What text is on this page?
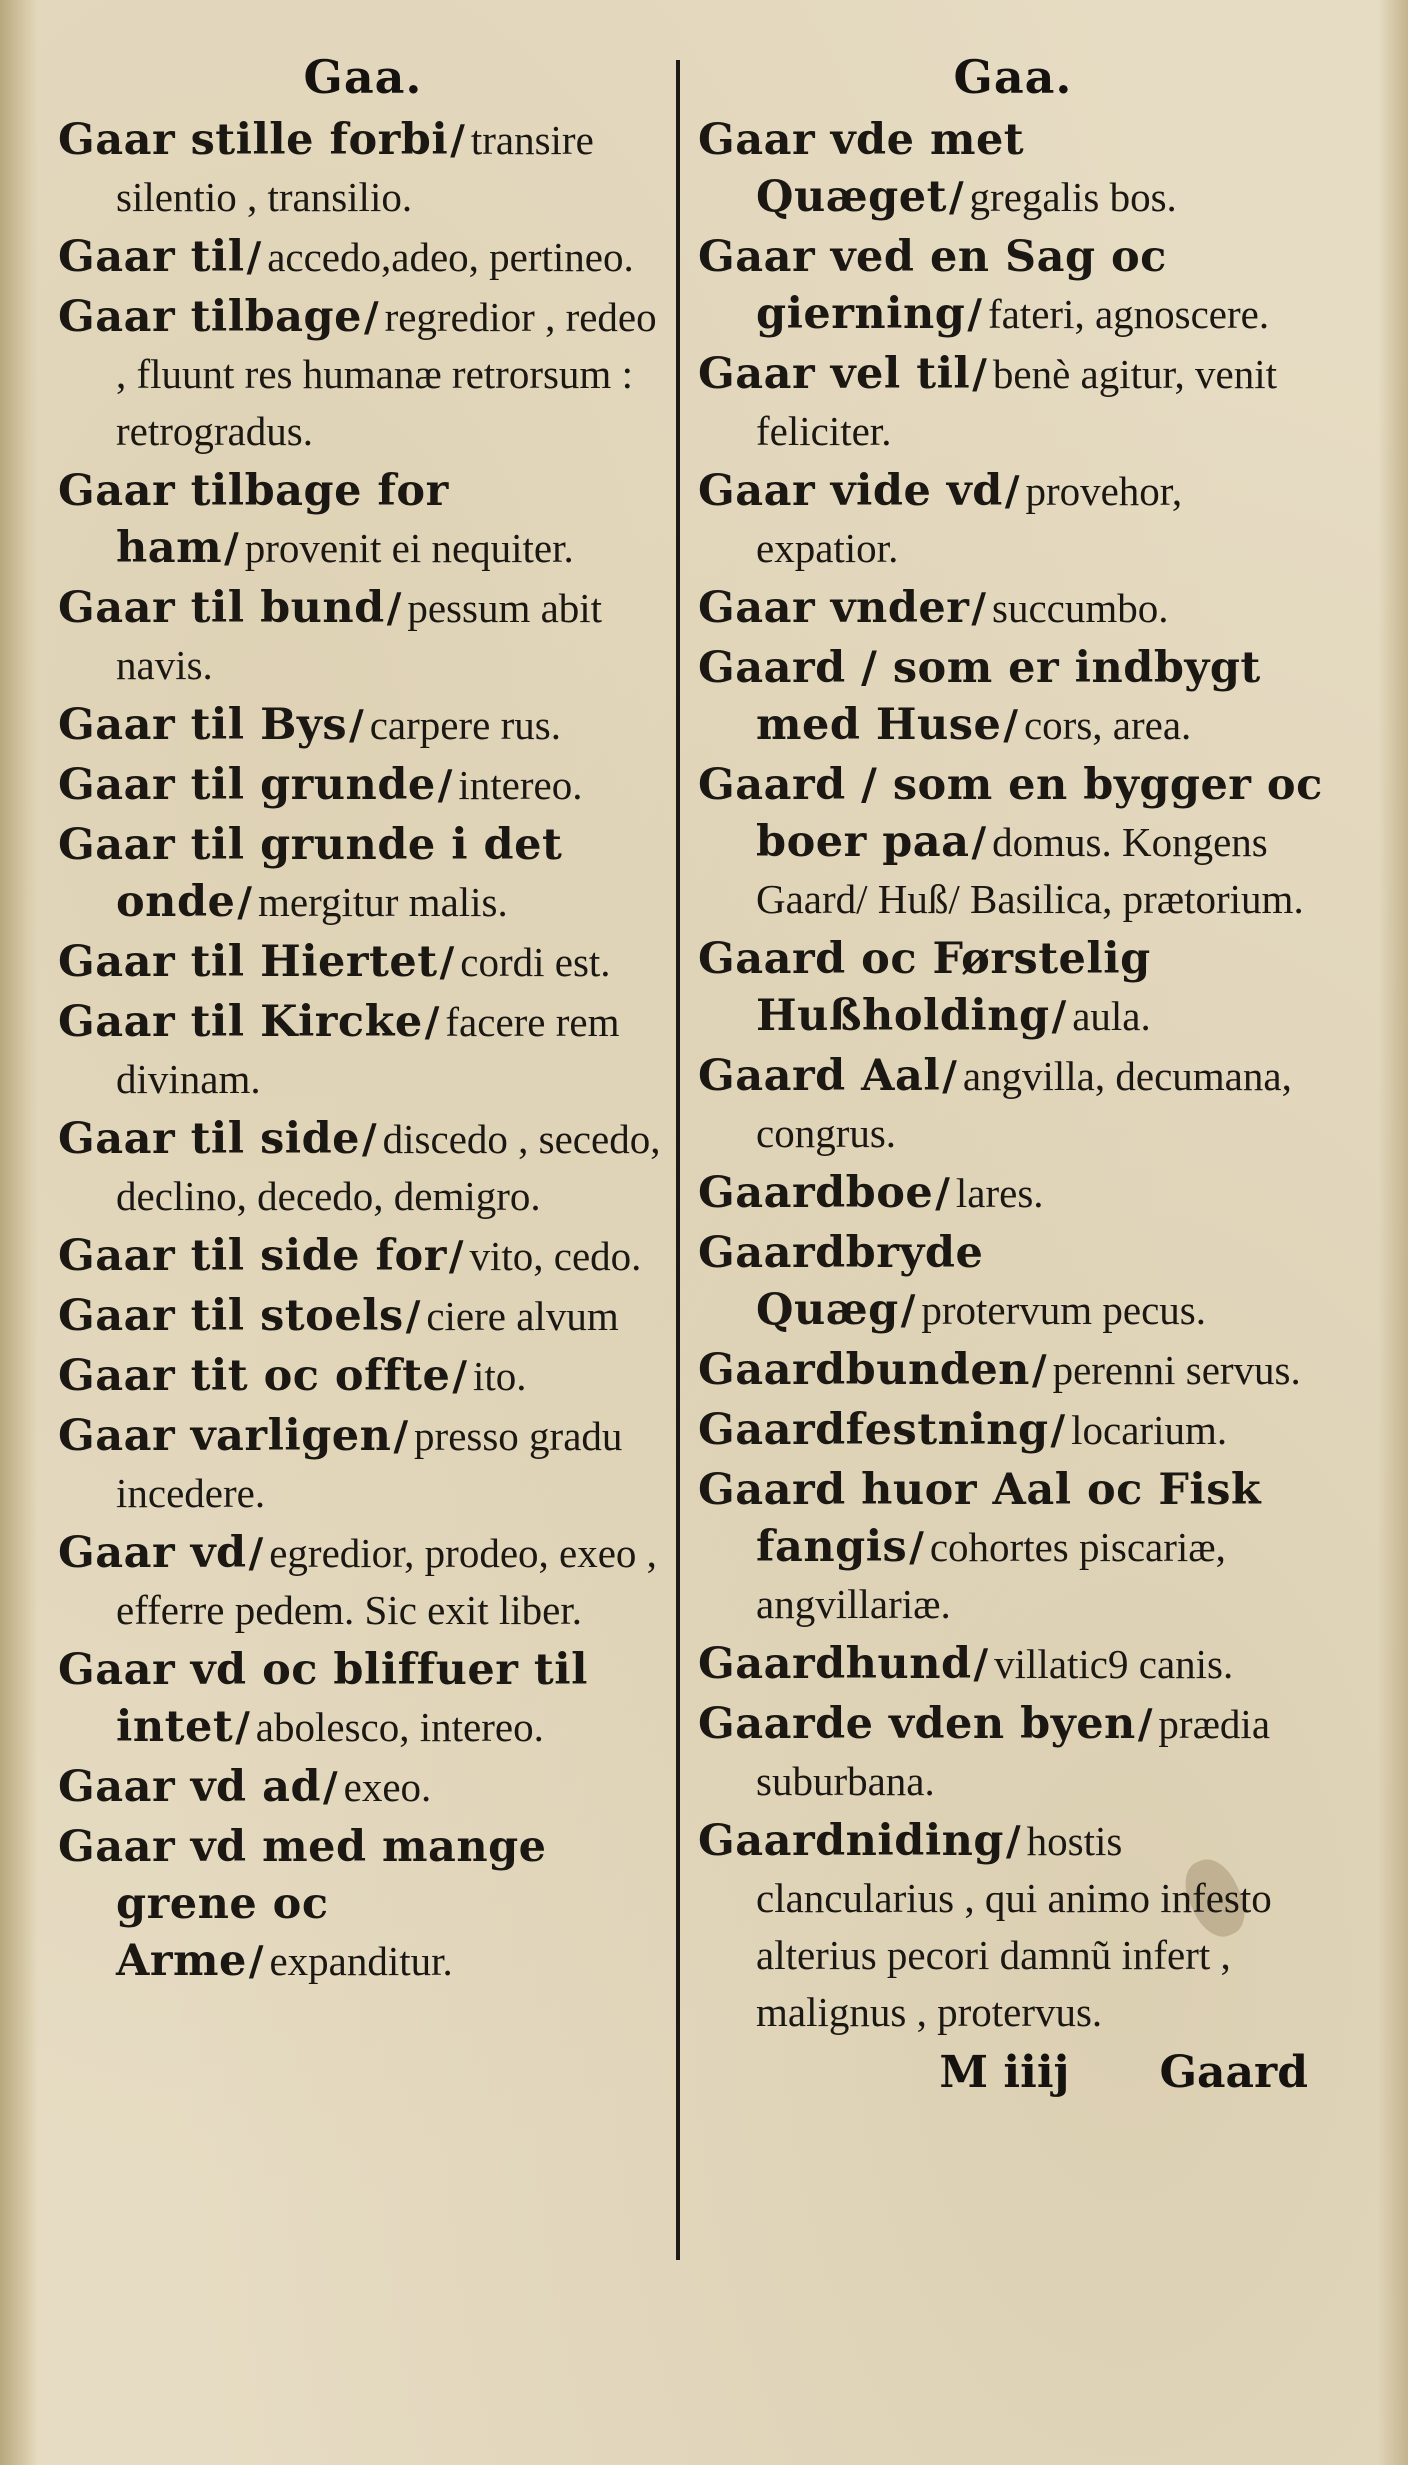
Gaa.

Gaar stille forbi/ transire silentio , transilio.

Gaar til/ accedo,adeo, pertineo.

Gaar tilbage/ regredior , redeo , fluunt res humanæ retrorsum : retrogradus.

Gaar tilbage for ham/ provenit ei nequiter.

Gaar til bund/ pessum abit navis.

Gaar til Bys/ carpere rus.

Gaar til grunde/ intereo.

Gaar til grunde i det onde/ mergitur malis.

Gaar til Hiertet/ cordi est.

Gaar til Kircke/ facere rem divinam.

Gaar til side/ discedo , secedo, declino, decedo, demigro.

Gaar til side for/ vito, cedo.

Gaar til stoels/ ciere alvum

Gaar tit oc offte/ ito.

Gaar varligen/ presso gradu incedere.

Gaar vd/ egredior, prodeo, exeo , efferre pedem. Sic exit liber.

Gaar vd oc bliffuer til intet/ abolesco, intereo.

Gaar vd ad/ exeo.

Gaar vd med mange grene oc Arme/ expanditur.

Gaa.

Gaar vde met Quæget/ gregalis bos.

Gaar ved en Sag oc gierning/ fateri, agnoscere.

Gaar vel til/ benè agitur, venit feliciter.

Gaar vide vd/ provehor, expatior.

Gaar vnder/ succumbo.

Gaard / som er indbygt med Huse/ cors, area.

Gaard / som en bygger oc boer paa/ domus. Kongens Gaard/ Huß/ Basilica, prætorium.

Gaard oc Førstelig Hußholding/ aula.

Gaard Aal/ angvilla, decumana, congrus.

Gaardboe/ lares.

Gaardbryde Quæg/ protervum pecus.

Gaardbunden/ perenni servus.

Gaardfestning/ locarium.

Gaard huor Aal oc Fisk fangis/ cohortes piscariæ, angvillariæ.

Gaardhund/ villatic9 canis.

Gaarde vden byen/ prædia suburbana.

Gaardniding/ hostis clancularius , qui animo infesto alterius pecori damnũ infert , malignus , protervus.

M iiij Gaard
